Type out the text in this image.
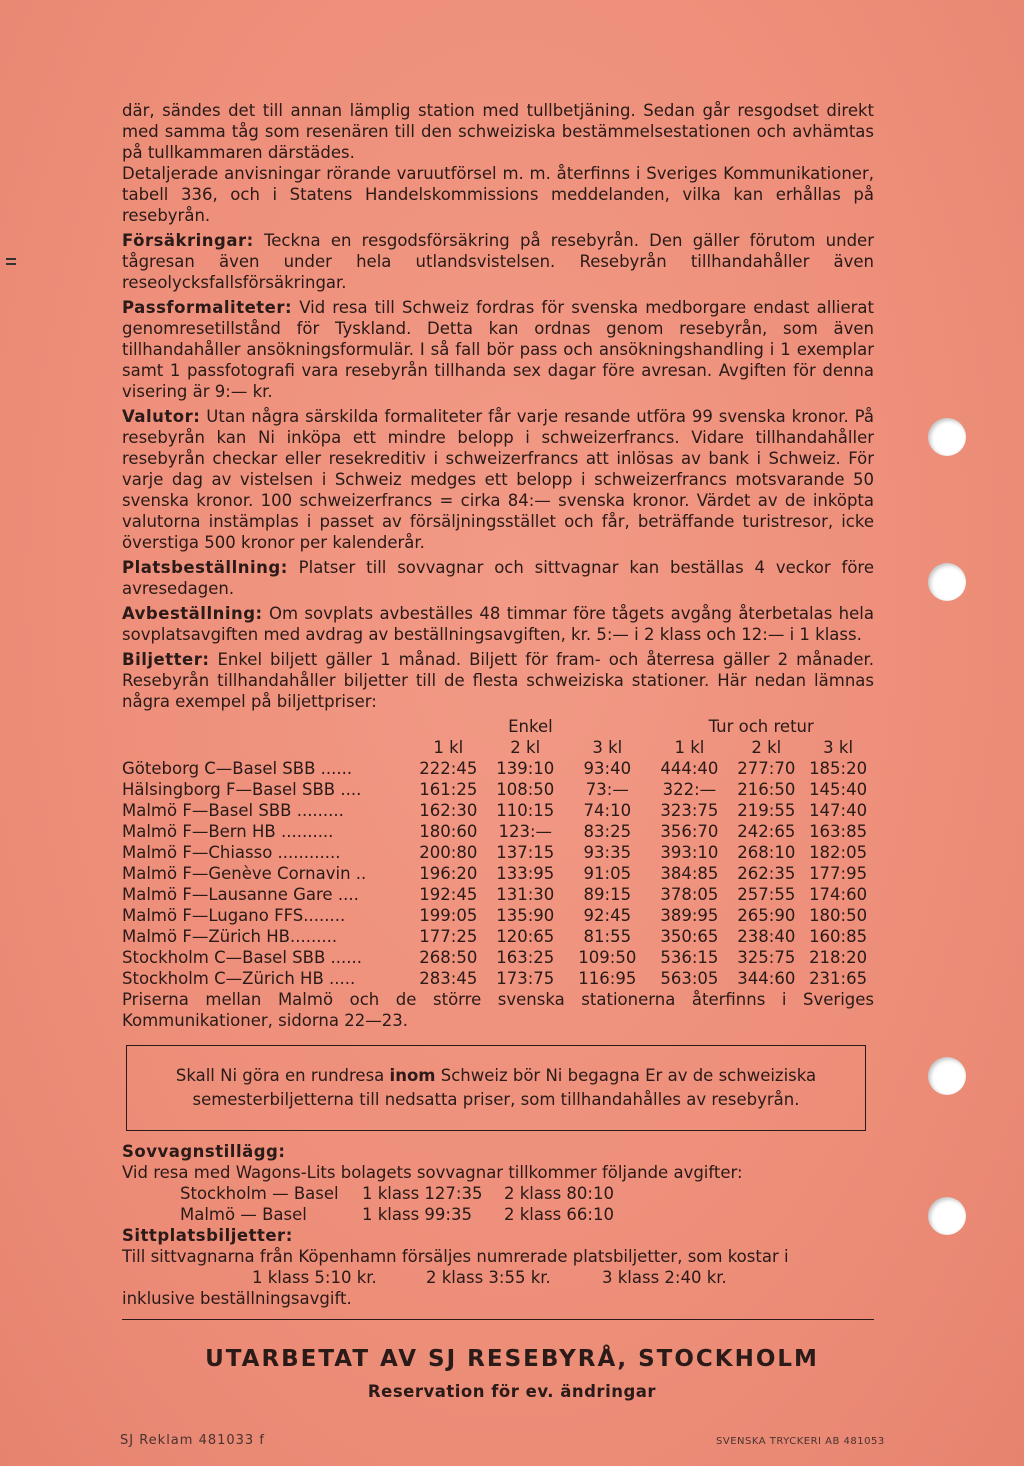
där, sändes det till annan lämplig station med tullbetjäning. Sedan går resgodset direkt med samma tåg som resenären till den schweiziska bestämmelsestationen och avhämtas på tullkammaren därstädes.

Detaljerade anvisningar rörande varuutförsel m. m. återfinns i Sveriges Kommunikationer, tabell 336, och i Statens Handelskommissions meddelanden, vilka kan erhållas på resebyrån.

Försäkringar: Teckna en resgodsförsäkring på resebyrån. Den gäller förutom under tågresan även under hela utlandsvistelsen. Resebyrån tillhandahåller även reseolycksfallsförsäkringar.

Passformaliteter: Vid resa till Schweiz fordras för svenska medborgare endast allierat genomresetillstånd för Tyskland. Detta kan ordnas genom resebyrån, som även tillhandahåller ansökningsformulär. I så fall bör pass och ansökningshandling i 1 exemplar samt 1 passfotografi vara resebyrån tillhanda sex dagar före avresan. Avgiften för denna visering är 9:— kr.

Valutor: Utan några särskilda formaliteter får varje resande utföra 99 svenska kronor. På resebyrån kan Ni inköpa ett mindre belopp i schweizerfrancs. Vidare tillhandahåller resebyrån checkar eller resekreditiv i schweizerfrancs att inlösas av bank i Schweiz. För varje dag av vistelsen i Schweiz medges ett belopp i schweizerfrancs motsvarande 50 svenska kronor. 100 schweizerfrancs = cirka 84:— svenska kronor. Värdet av de inköpta valutorna instämplas i passet av försäljningsstället och får, beträffande turistresor, icke överstiga 500 kronor per kalenderår.

Platsbeställning: Platser till sovvagnar och sittvagnar kan beställas 4 veckor före avresedagen.

Avbeställning: Om sovplats avbeställes 48 timmar före tågets avgång återbetalas hela sovplatsavgiften med avdrag av beställningsavgiften, kr. 5:— i 2 klass och 12:— i 1 klass.

Biljetter: Enkel biljett gäller 1 månad. Biljett för fram- och återresa gäller 2 månader. Resebyrån tillhandahåller biljetter till de flesta schweiziska stationer. Här nedan lämnas några exempel på biljettpriser:

	Enkel			Tur och retur		
	1 kl	2 kl	3 kl	1 kl	2 kl	3 kl
Göteborg C—Basel SBB ......	222:45	139:10	93:40	444:40	277:70	185:20
Hälsingborg F—Basel SBB ....	161:25	108:50	73:—	322:—	216:50	145:40
Malmö F—Basel SBB .........	162:30	110:15	74:10	323:75	219:55	147:40
Malmö F—Bern HB ..........	180:60	123:—	83:25	356:70	242:65	163:85
Malmö F—Chiasso ............	200:80	137:15	93:35	393:10	268:10	182:05
Malmö F—Genève Cornavin ..	196:20	133:95	91:05	384:85	262:35	177:95
Malmö F—Lausanne Gare ....	192:45	131:30	89:15	378:05	257:55	174:60
Malmö F—Lugano FFS........	199:05	135:90	92:45	389:95	265:90	180:50
Malmö F—Zürich HB.........	177:25	120:65	81:55	350:65	238:40	160:85
Stockholm C—Basel SBB ......	268:50	163:25	109:50	536:15	325:75	218:20
Stockholm C—Zürich HB .....	283:45	173:75	116:95	563:05	344:60	231:65

Priserna mellan Malmö och de större svenska stationerna återfinns i Sveriges Kommunikationer, sidorna 22—23.

Skall Ni göra en rundresa inom Schweiz bör Ni begagna Er av de schweiziska semesterbiljetterna till nedsatta priser, som tillhandahålles av resebyrån.
Sovvagnstillägg:
Vid resa med Wagons-Lits bolagets sovvagnar tillkommer följande avgifter:
Stockholm — Basel	1 klass 127:35	2 klass 80:10
Malmö — Basel	1 klass 99:35	2 klass 66:10
Sittplatsbiljetter:
Till sittvagnarna från Köpenhamn försäljes numrerade platsbiljetter, som kostar i
1 klass 5:10 kr.	2 klass 3:55 kr.	3 klass 2:40 kr.
inklusive beställningsavgift.
UTARBETAT AV SJ RESEBYRÅ, STOCKHOLM
Reservation för ev. ändringar
SJ Reklam 481033 f	SVENSKA TRYCKERI AB 481053
